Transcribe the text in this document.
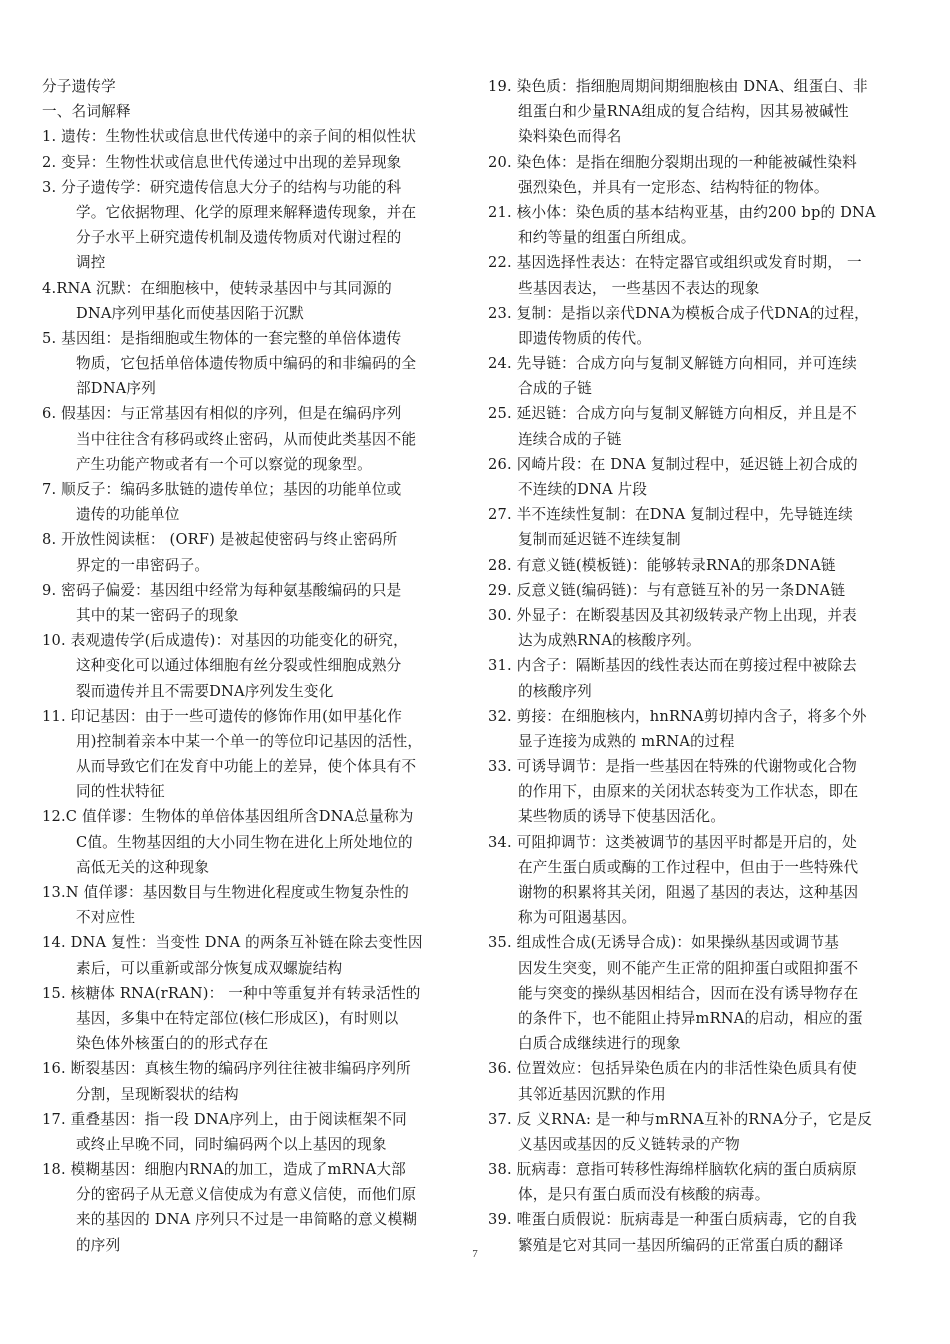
分子遗传学
一、名词解释
1. 遗传：生物性状或信息世代传递中的亲子间的相似性状
2. 变异：生物性状或信息世代传递过中出现的差异现象
3. 分子遗传学：研究遗传信息大分子的结构与功能的科
学。它依据物理、化学的原理来解释遗传现象，并在
分子水平上研究遗传机制及遗传物质对代谢过程的
调控
4.RNA 沉默：在细胞核中，使转录基因中与其同源的
DNA序列甲基化而使基因陷于沉默
5. 基因组：是指细胞或生物体的一套完整的单倍体遗传
物质，它包括单倍体遗传物质中编码的和非编码的全
部DNA序列
6. 假基因：与正常基因有相似的序列，但是在编码序列
当中往往含有移码或终止密码，从而使此类基因不能
产生功能产物或者有一个可以察觉的现象型。
7. 顺反子：编码多肽链的遗传单位；基因的功能单位或
遗传的功能单位
8. 开放性阅读框： (ORF) 是被起使密码与终止密码所
界定的一串密码子。
9. 密码子偏爱：基因组中经常为每种氨基酸编码的只是
其中的某一密码子的现象
10. 表观遗传学(后成遗传)：对基因的功能变化的研究，
这种变化可以通过体细胞有丝分裂或性细胞成熟分
裂而遗传并且不需要DNA序列发生变化
11. 印记基因：由于一些可遗传的修饰作用(如甲基化作
用)控制着亲本中某一个单一的等位印记基因的活性，
从而导致它们在发育中功能上的差异，使个体具有不
同的性状特征
12.C 值佯谬：生物体的单倍体基因组所含DNA总量称为
C值。生物基因组的大小同生物在进化上所处地位的
高低无关的这种现象
13.N 值佯谬：基因数目与生物进化程度或生物复杂性的
不对应性
14. DNA 复性：当变性 DNA 的两条互补链在除去变性因
素后，可以重新或部分恢复成双螺旋结构
15. 核糖体 RNA(rRAN)： 一种中等重复并有转录活性的
基因，多集中在特定部位(核仁形成区)，有时则以
染色体外核蛋白的的形式存在
16. 断裂基因：真核生物的编码序列往往被非编码序列所
分割，呈现断裂状的结构
17. 重叠基因：指一段 DNA序列上，由于阅读框架不同
或终止早晚不同，同时编码两个以上基因的现象
18. 模糊基因：细胞内RNA的加工，造成了mRNA大部
分的密码子从无意义信使成为有意义信使，而他们原
来的基因的 DNA 序列只不过是一串简略的意义模糊
的序列
19. 染色质：指细胞周期间期细胞核由 DNA、组蛋白、非
组蛋白和少量RNA组成的复合结构，因其易被碱性
染料染色而得名
20. 染色体：是指在细胞分裂期出现的一种能被碱性染料
强烈染色，并具有一定形态、结构特征的物体。
21. 核小体：染色质的基本结构亚基，由约200 bp的 DNA
和约等量的组蛋白所组成。
22. 基因选择性表达：在特定器官或组织或发育时期， 一
些基因表达， 一些基因不表达的现象
23. 复制：是指以亲代DNA为模板合成子代DNA的过程，
即遗传物质的传代。
24. 先导链：合成方向与复制叉解链方向相同，并可连续
合成的子链
25. 延迟链：合成方向与复制叉解链方向相反，并且是不
连续合成的子链
26. 冈崎片段：在 DNA 复制过程中，延迟链上初合成的
不连续的DNA 片段
27. 半不连续性复制：在DNA 复制过程中，先导链连续
复制而延迟链不连续复制
28. 有意义链(模板链)：能够转录RNA的那条DNA链
29. 反意义链(编码链)：与有意链互补的另一条DNA链
30. 外显子：在断裂基因及其初级转录产物上出现，并表
达为成熟RNA的核酸序列。
31. 内含子：隔断基因的线性表达而在剪接过程中被除去
的核酸序列
32. 剪接：在细胞核内，hnRNA剪切掉内含子，将多个外
显子连接为成熟的 mRNA的过程
33. 可诱导调节：是指一些基因在特殊的代谢物或化合物
的作用下，由原来的关闭状态转变为工作状态，即在
某些物质的诱导下使基因活化。
34. 可阻抑调节：这类被调节的基因平时都是开启的，处
在产生蛋白质或酶的工作过程中，但由于一些特殊代
谢物的积累将其关闭，阻遏了基因的表达，这种基因
称为可阻遏基因。
35. 组成性合成(无诱导合成)：如果操纵基因或调节基
因发生突变，则不能产生正常的阻抑蛋白或阻抑蛋不
能与突变的操纵基因相结合，因而在没有诱导物存在
的条件下，也不能阻止持异mRNA的启动，相应的蛋
白质合成继续进行的现象
36. 位置效应：包括异染色质在内的非活性染色质具有使
其邻近基因沉默的作用
37. 反 义RNA: 是一种与mRNA互补的RNA分子，它是反
义基因或基因的反义链转录的产物
38. 朊病毒：意指可转移性海绵样脑软化病的蛋白质病原
体，是只有蛋白质而没有核酸的病毒。
39. 唯蛋白质假说：朊病毒是一种蛋白质病毒，它的自我
繁殖是它对其同一基因所编码的正常蛋白质的翻译
7
